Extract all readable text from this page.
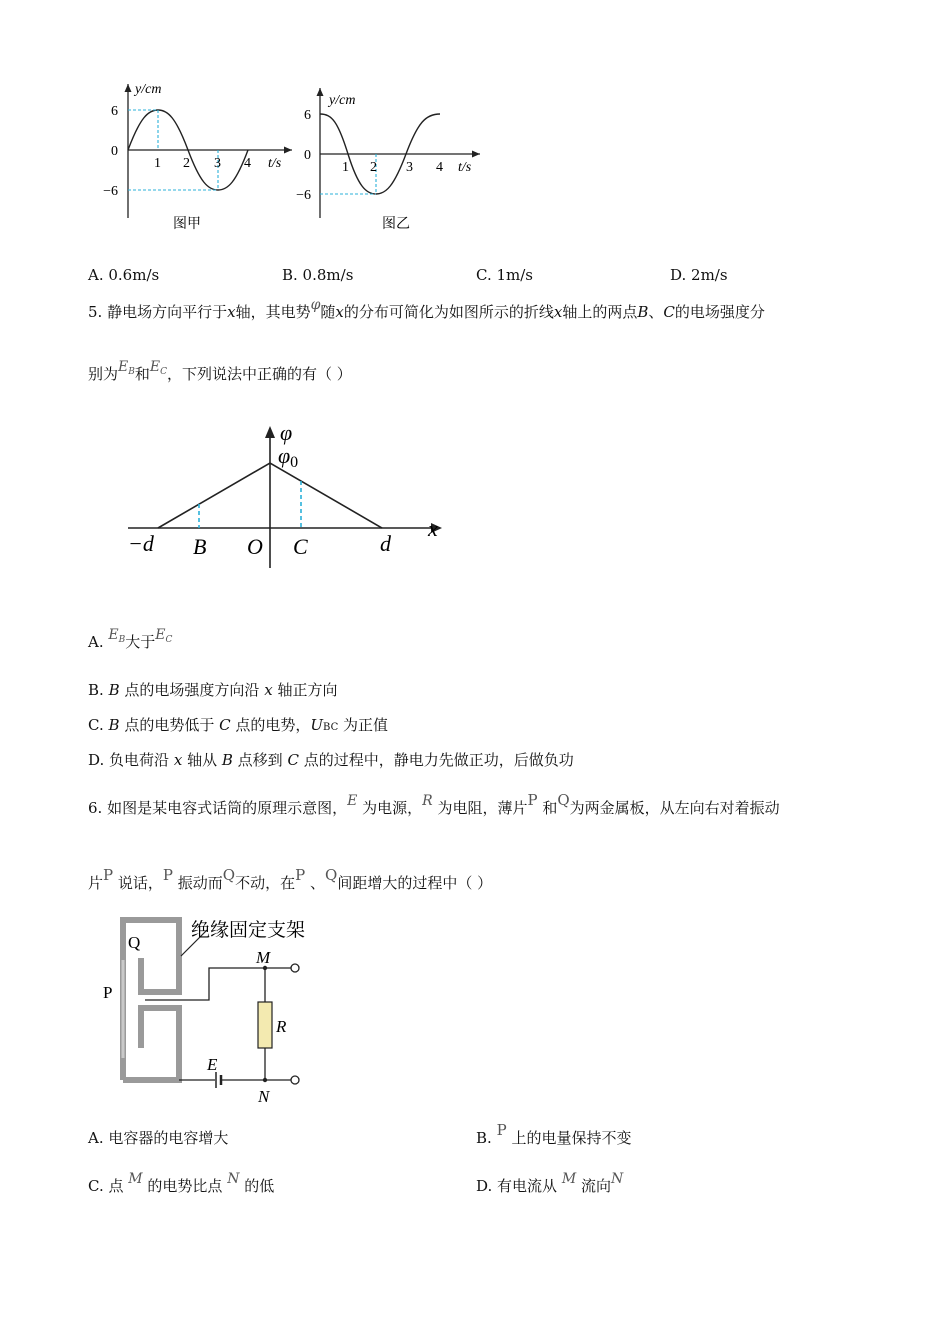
y/cm
6
0
−6
1 2 3 4 t/s
图甲
y/cm
6
0
−6
1 2 3 4 t/s
图乙
A. 0.6m/s	B. 0.8m/s	C. 1m/s	D. 2m/s
5. 静电场方向平行于x轴，其电势φ随x的分布可简化为如图所示的折线x轴上的两点B、C的电场强度分
别为$E_B$和$E_C$，下列说法中正确的有（ ）
φ
φ0
x
−d B O C	d
A. $E_B$大于$E_C$
B. B 点的电场强度方向沿 x 轴正方向
C. B 点的电势低于 C 点的电势，UBC 为正值
D. 负电荷沿 x 轴从 B 点移到 C 点的过程中，静电力先做正功，后做负功
6. 如图是某电容式话筒的原理示意图，E 为电源，R 为电阻，薄片P 和Q为两金属板，从左向右对着振动
片P 说话，P 振动而Q不动，在P 、Q间距增大的过程中（ ）
绝缘固定支架
Q
P
M
R
E
N
A. 电容器的电容增大	B. P 上的电量保持不变
C. 点 M 的电势比点 N 的低	D. 有电流从 M 流向N
